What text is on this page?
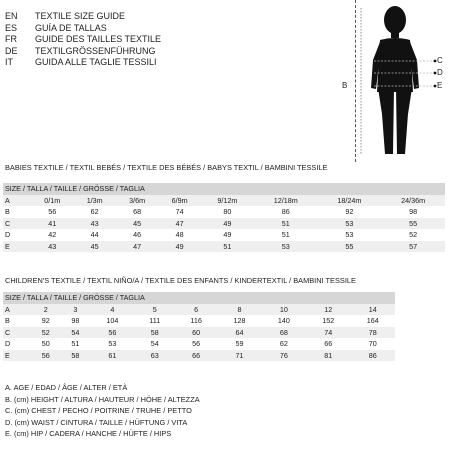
EN	TEXTILE SIZE GUIDE
ES	GUÍA DE TALLAS
FR	GUIDE DES TAILLES TEXTILE
DE	TEXTILGRÖSSENFÜHRUNG
IT	GUIDA ALLE TAGLIE TESSILI
B
C
D
E
BABIES TEXTILE / TEXTIL BEBÉS / TEXTILE DES BÉBÉS / BABYS TEXTIL / BAMBINI TESSILE
SIZE / TALLA / TAILLE / GRÖSSE / TAGLIA								
A	0/1m	1/3m	3/6m	6/9m	9/12m	12/18m	18/24m	24/36m
B	56	62	68	74	80	86	92	98
C	41	43	45	47	49	51	53	55
D	42	44	46	48	49	51	53	52
E	43	45	47	49	51	53	55	57
CHILDREN'S TEXTILE / TEXTIL NIÑO/A / TEXTILE DES ENFANTS / KINDERTEXTIL / BAMBINI TESSILE
SIZE / TALLA / TAILLE / GRÖSSE / TAGLIA									
A	2	3	4	5	6	8	10	12	14
B	92	98	104	111	116	128	140	152	164
C	52	54	56	58	60	64	68	74	78
D	50	51	53	54	56	59	62	66	70
E	56	58	61	63	66	71	76	81	86
A. AGE / EDAD / ÂGE / ALTER / ETÀ
B. (cm) HEIGHT / ALTURA / HAUTEUR / HÖHE / ALTEZZA
C. (cm) CHEST / PECHO / POITRINE / TRUHE / PETTO
D. (cm) WAIST / CINTURA / TAILLE / HÜFTUNG / VITA
E. (cm) HIP / CADERA / HANCHE / HÜFTE / HIPS
